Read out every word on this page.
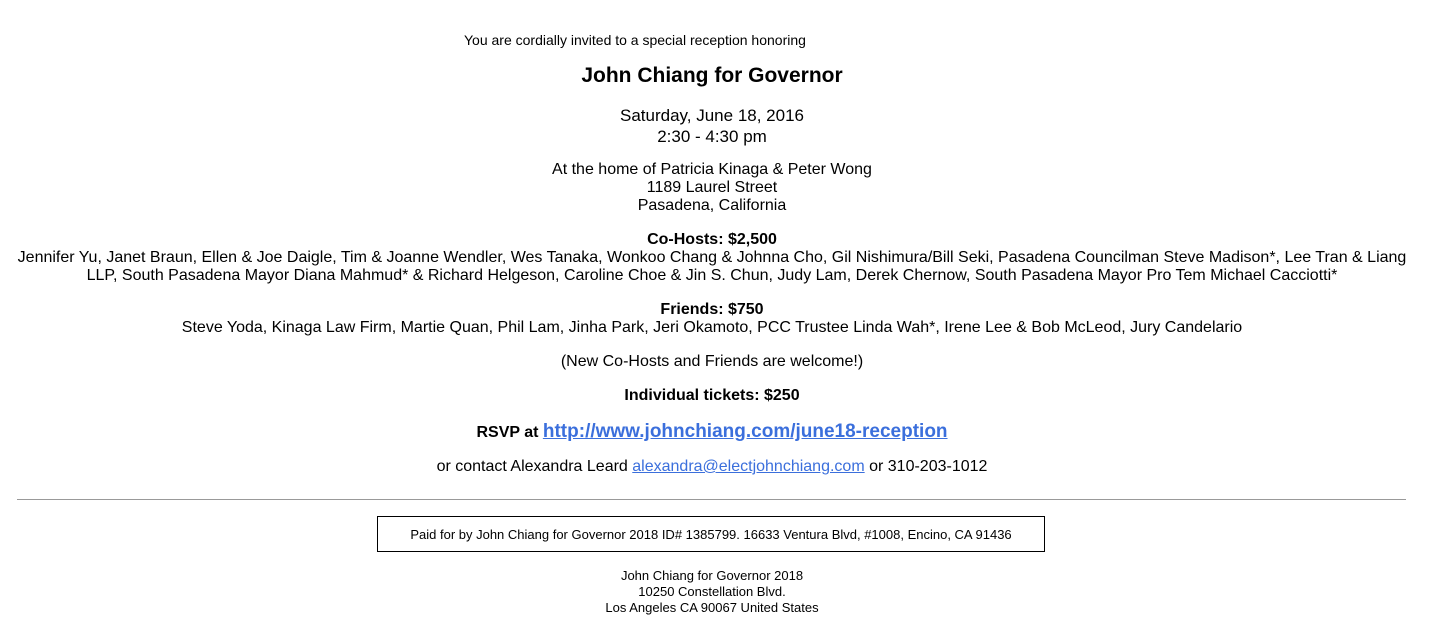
You are cordially invited to a special reception honoring
John Chiang for Governor
Saturday, June 18, 2016
2:30 - 4:30 pm
At the home of Patricia Kinaga & Peter Wong
1189 Laurel Street
Pasadena, California
Co-Hosts: $2,500
Jennifer Yu, Janet Braun, Ellen & Joe Daigle, Tim & Joanne Wendler, Wes Tanaka, Wonkoo Chang & Johnna Cho, Gil Nishimura/Bill Seki, Pasadena Councilman Steve Madison*, Lee Tran & Liang LLP, South Pasadena Mayor Diana Mahmud* & Richard Helgeson, Caroline Choe & Jin S. Chun, Judy Lam, Derek Chernow, South Pasadena Mayor Pro Tem Michael Cacciotti*
Friends: $750
Steve Yoda, Kinaga Law Firm, Martie Quan, Phil Lam, Jinha Park, Jeri Okamoto, PCC Trustee Linda Wah*, Irene Lee & Bob McLeod, Jury Candelario
(New Co-Hosts and Friends are welcome!)
Individual tickets: $250
RSVP at http://www.johnchiang.com/june18-reception
or contact Alexandra Leard alexandra@electjohnchiang.com or 310-203-1012
Paid for by John Chiang for Governor 2018 ID# 1385799. 16633 Ventura Blvd, #1008, Encino, CA 91436
John Chiang for Governor 2018
10250 Constellation Blvd.
Los Angeles CA 90067 United States
